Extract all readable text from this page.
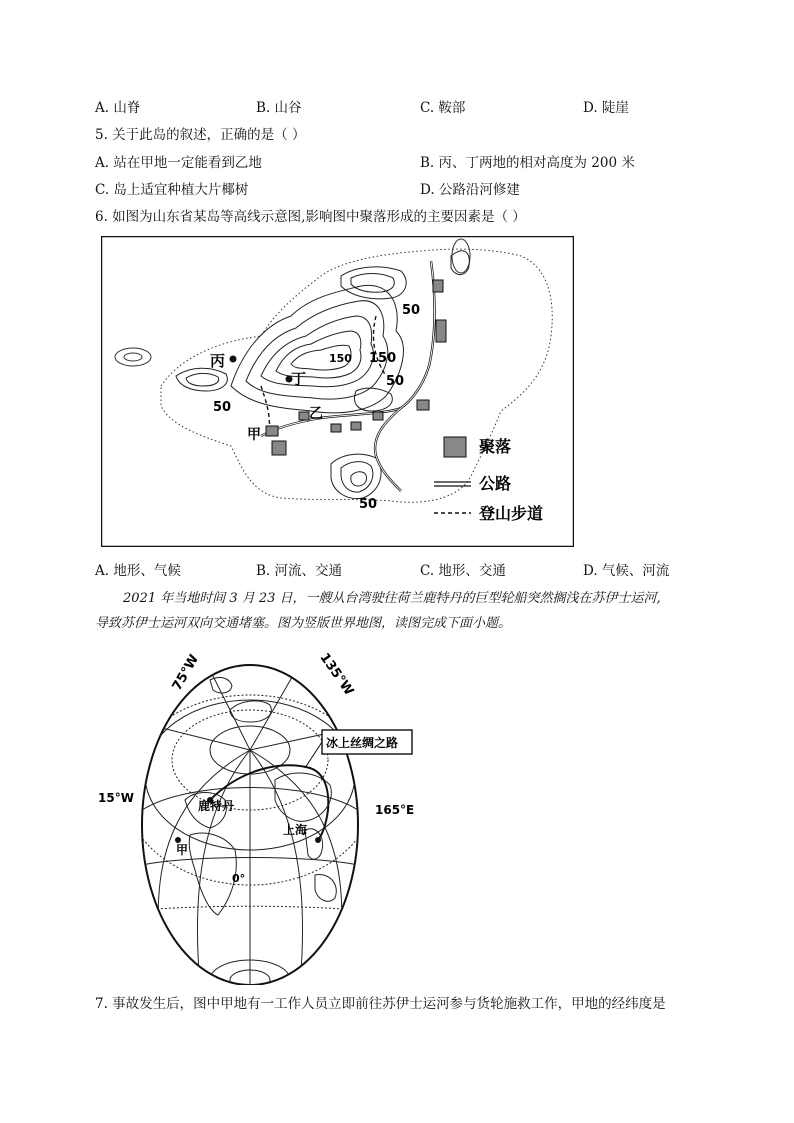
A. 山脊	B. 山谷	C. 鞍部	D. 陡崖
5. 关于此岛的叙述，正确的是（ ）
A. 站在甲地一定能看到乙地	B. 丙、丁两地的相对高度为 200 米
C. 岛上适宜种植大片椰树	D. 公路沿河修建
6. 如图为山东省某岛等高线示意图,影响图中聚落形成的主要因素是（ ）
丙
丁
乙
甲
50
150
50
50
50
150
聚落
公路
登山步道
A. 地形、气候	B. 河流、交通	C. 地形、交通	D. 气候、河流
2021 年当地时间 3 月 23 日，一艘从台湾驶往荷兰鹿特丹的巨型轮船突然搁浅在苏伊士运河,
导致苏伊士运河双向交通堵塞。图为竖版世界地图，读图完成下面小题。
冰上丝绸之路
75°W	135°W
15°W
165°E
鹿特丹
上海
甲
0°
7. 事故发生后，图中甲地有一工作人员立即前往苏伊士运河参与货轮施救工作，甲地的经纬度是
